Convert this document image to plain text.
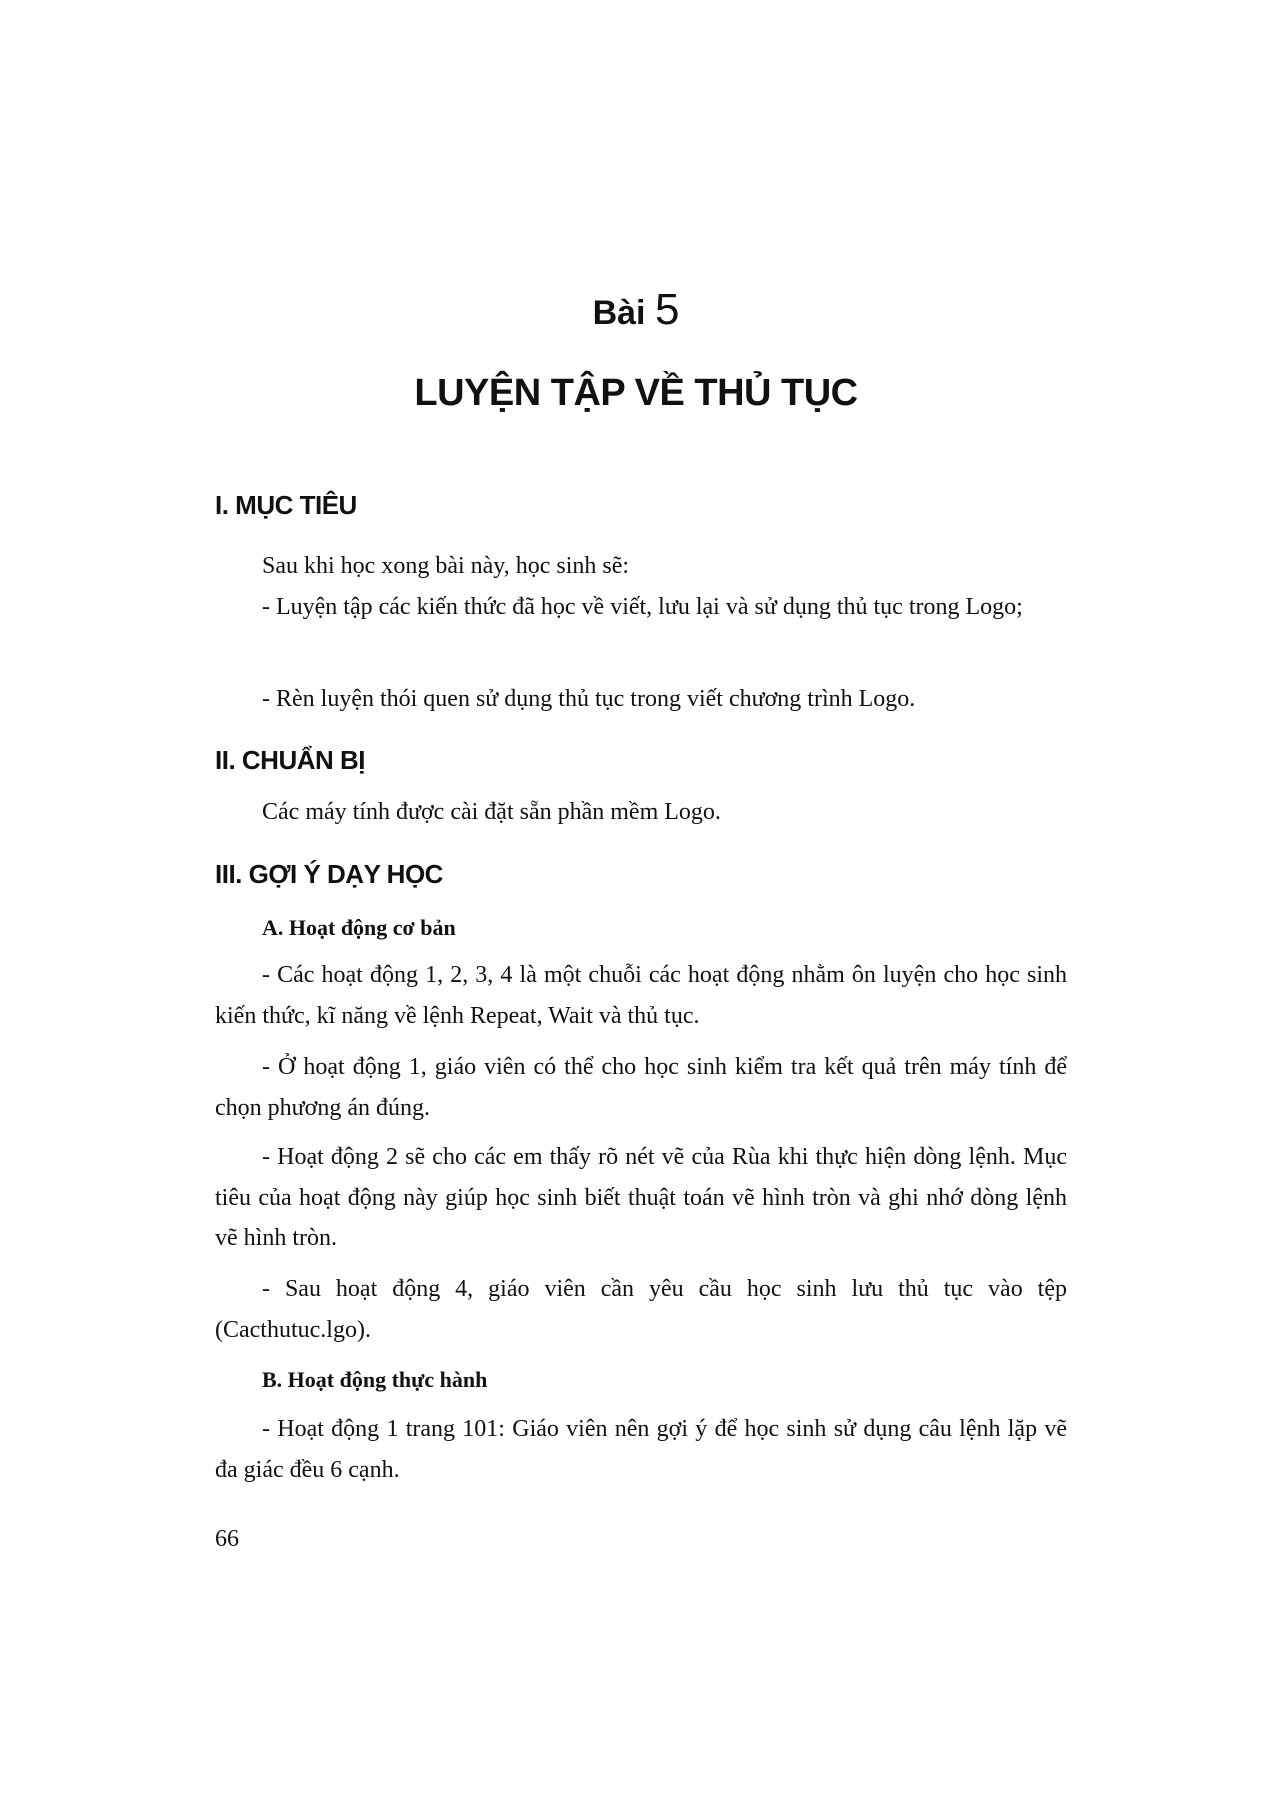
Bài 5
LUYỆN TẬP VỀ THỦ TỤC
I. MỤC TIÊU
Sau khi học xong bài này, học sinh sẽ:
- Luyện tập các kiến thức đã học về viết, lưu lại và sử dụng thủ tục trong Logo;
- Rèn luyện thói quen sử dụng thủ tục trong viết chương trình Logo.
II. CHUẨN BỊ
Các máy tính được cài đặt sẵn phần mềm Logo.
III. GỢI Ý DẠY HỌC
A. Hoạt động cơ bản
- Các hoạt động 1, 2, 3, 4 là một chuỗi các hoạt động nhằm ôn luyện cho học sinh kiến thức, kĩ năng về lệnh Repeat, Wait và thủ tục.
- Ở hoạt động 1, giáo viên có thể cho học sinh kiểm tra kết quả trên máy tính để chọn phương án đúng.
- Hoạt động 2 sẽ cho các em thấy rõ nét vẽ của Rùa khi thực hiện dòng lệnh. Mục tiêu của hoạt động này giúp học sinh biết thuật toán vẽ hình tròn và ghi nhớ dòng lệnh vẽ hình tròn.
- Sau hoạt động 4, giáo viên cần yêu cầu học sinh lưu thủ tục vào tệp (Cacthutuc.lgo).
B. Hoạt động thực hành
- Hoạt động 1 trang 101: Giáo viên nên gợi ý để học sinh sử dụng câu lệnh lặp vẽ đa giác đều 6 cạnh.
66
